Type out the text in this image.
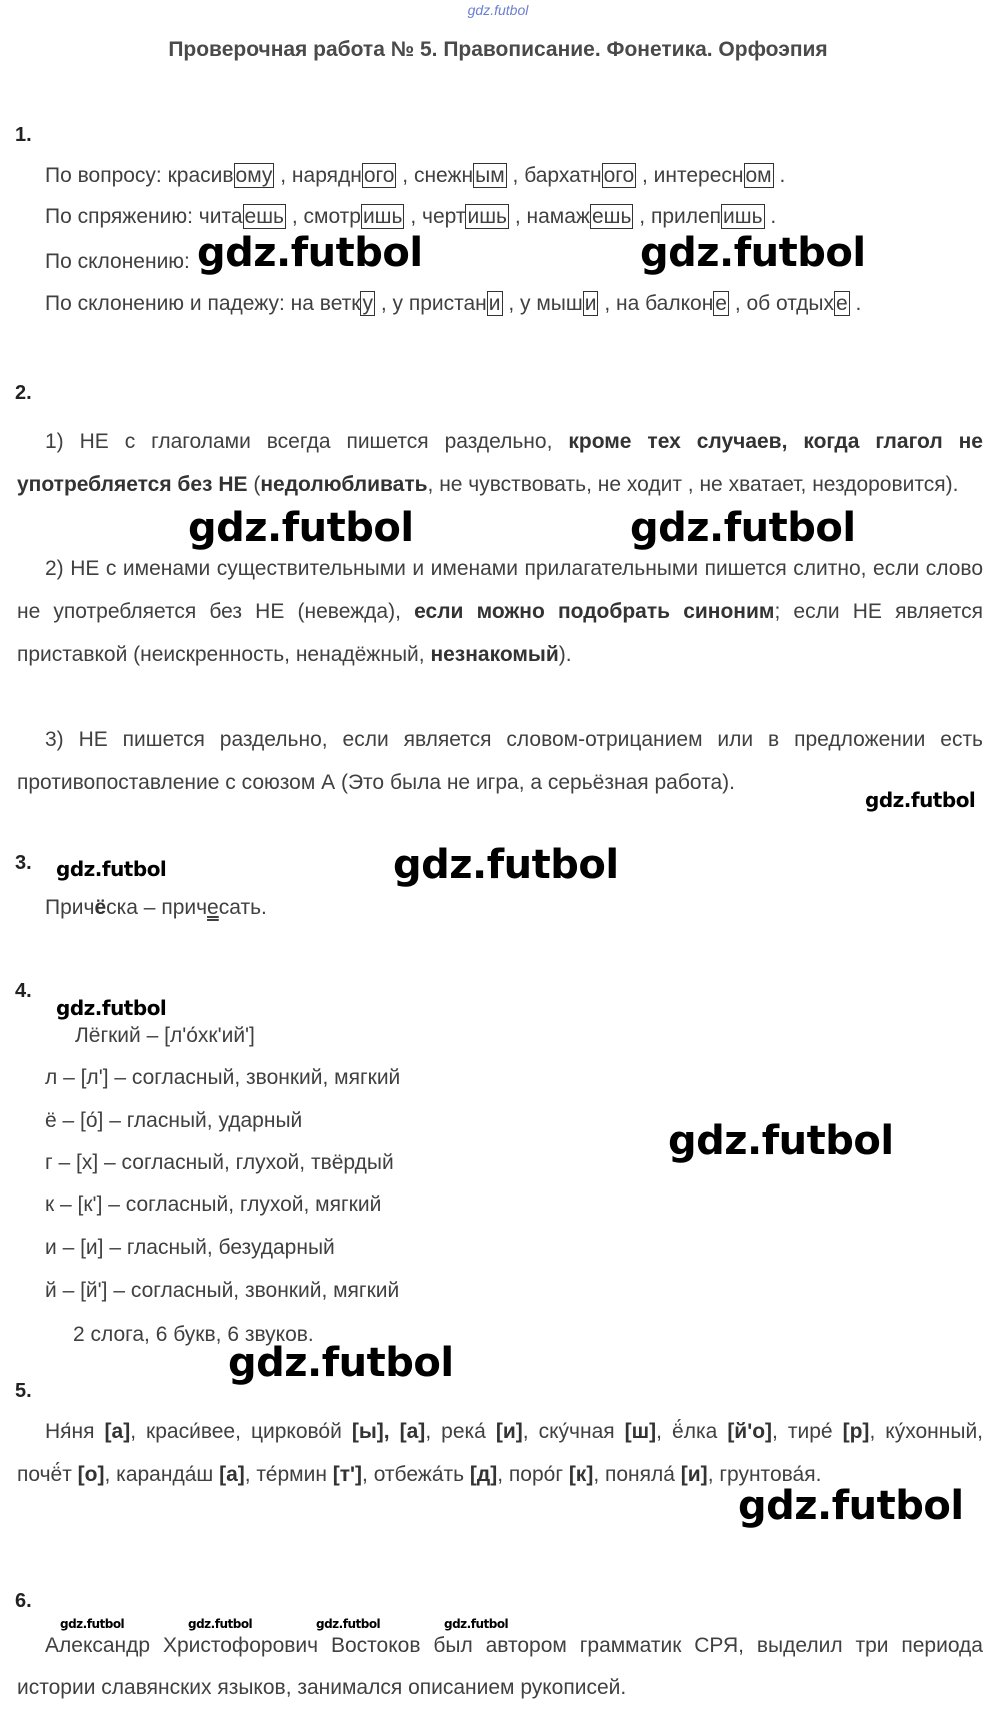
gdz.futbol
Проверочная работа № 5. Правописание. Фонетика. Орфоэпия
1.
По вопросу: красивому , нарядного , снежным , бархатного , интересном .
По спряжению: читаешь , смотришь , чертишь , намажешь , прилепишь .
По склонению:
По склонению и падежу: на ветку , у пристани , у мыши , на балконе , об отдыхе .
gdz.futbol	gdz.futbol
2.
1) НЕ с глаголами всегда пишется раздельно, кроме тех случаев, когда глагол не употребляется без НЕ (недолюбливать, не чувствовать, не ходит , не хватает, нездоровится).
2) НЕ с именами существительными и именами прилагательными пишется слитно, если слово не употребляется без НЕ (невежда), если можно подобрать синоним; если НЕ является приставкой (неискренность, ненадёжный, незнакомый).
3) НЕ пишется раздельно, если является словом-отрицанием или в предложении есть противопоставление с союзом А (Это была не игра, а серьёзная работа).
gdz.futbol	gdz.futbol
gdz.futbol
3. gdz.futbol	gdz.futbol
Причёска – причесать.
4.
gdz.futbol
Лёгкий – [л'о́хк'ий']
л – [л'] – согласный, звонкий, мягкий
ё – [о́] – гласный, ударный
г – [х] – согласный, глухой, твёрдый
к – [к'] – согласный, глухой, мягкий
и – [и] – гласный, безударный
й – [й'] – согласный, звонкий, мягкий
2 слога, 6 букв, 6 звуков.
gdz.futbol
gdz.futbol
5.
Ня́ня [а], краси́вее, цирково́й [ы], [а], река́ [и], ску́чная [ш], ё́лка [й'о], тире́ [р], ку́хонный, почё́т [о], каранда́ш [а], те́рмин [т'], отбежа́ть [д], поро́г [к], поняла́ [и], грунтова́я.
gdz.futbol
6.
gdz.futbol	gdz.futbol	gdz.futbol	gdz.futbol
Александр Христофорович Востоков был автором грамматик СРЯ, выделил три периода истории славянских языков, занимался описанием рукописей.
